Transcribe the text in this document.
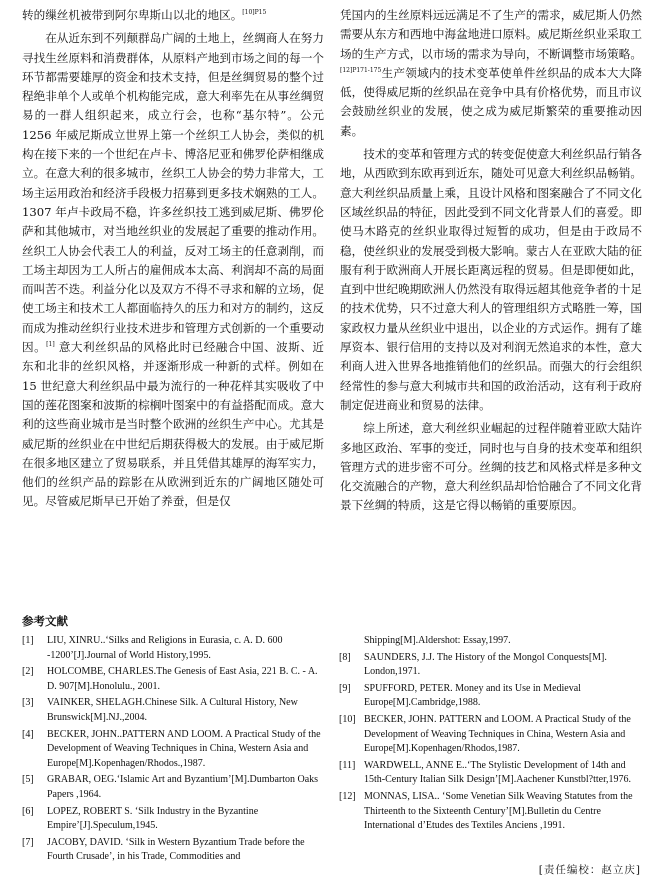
转的缫丝机被带到阿尔卑斯山以北的地区。$^{[10]P15}$

在从近东到不列颠群岛广阔的土地上，丝绸商人在努力寻找生丝原料和消费群体，从原料产地到市场之间的每一个环节都需要雄厚的资金和技术支持，但是丝绸贸易的整个过程绝非单个人或单个机构能完成，意大利率先在从事丝绸贸易的一群人组织起来，成立行会，也称“基尔特”。公元 1256 年威尼斯成立世界上第一个丝织工人协会，类似的机构在接下来的一个世纪在卢卡、博洛尼亚和佛罗伦萨相继成立。在意大利的很多城市，丝织工人协会的势力非常大，工场主运用政治和经济手段极力招募到更多技术娴熟的工人。1307 年卢卡政局不稳，许多丝织技工逃到威尼斯、佛罗伦萨和其他城市，对当地丝织业的发展起了重要的推动作用。丝织工人协会代表工人的利益，反对工场主的任意剥削，而工场主却因为工人所占的雇佣成本太高、利润却不高的局面而叫苦不迭。利益分化以及双方不得不寻求和解的立场，促使工场主和技术工人都面临持久的压力和对方的制约，这反而成为推动丝织行业技术进步和管理方式创新的一个重要动因。[1] 意大利丝织品的风格此时已经融合中国、波斯、近东和北非的丝织风格，并逐渐形成一种新的式样。例如在 15 世纪意大利丝织品中最为流行的一种花样其实吸收了中国的莲花图案和波斯的棕榈叶图案中的有益搭配而成。意大利的这些商业城市是当时整个欧洲的丝织生产中心。尤其是威尼斯的丝织业在中世纪后期获得极大的发展。由于威尼斯在很多地区建立了贸易联系，并且凭借其雄厚的海军实力，他们的丝织产品的踪影在从欧洲到近东的广阔地区随处可见。尽管威尼斯早已开始了养蚕，但是仅

凭国内的生丝原料远远满足不了生产的需求，威尼斯人仍然需要从东方和西地中海盆地进口原料。威尼斯丝织业采取工场的生产方式，以市场的需求为导向，不断调整市场策略。$^{[12]P171-175}$生产领域内的技术变革使单件丝织品的成本大大降低，使得威尼斯的丝织品在竞争中具有价格优势，而且市议会鼓励丝织业的发展，使之成为威尼斯繁荣的重要推动因素。

技术的变革和管理方式的转变促使意大利丝织品行销各地，从西欧到东欧再到近东，随处可见意大利丝织品畅销。意大利丝织品质量上乘，且设计风格和图案融合了不同文化区域丝织品的特征，因此受到不同文化背景人们的喜爱。即使马木路克的丝织业取得过短暂的成功，但是由于政局不稳，使丝织业的发展受到极大影响。蒙古人在亚欧大陆的征服有利于欧洲商人开展长距离远程的贸易。但是即便如此，直到中世纪晚期欧洲人仍然没有取得远超其他竞争者的十足的技术优势，只不过意大利人的管理组织方式略胜一筹，国家政权力量从丝织业中退出，以企业的方式运作。拥有了雄厚资本、银行信用的支持以及对利润无然追求的本性，意大利商人进入世界各地推销他们的丝织品。而强大的行会组织经常性的参与意大利城市共和国的政治活动，这有利于政府制定促进商业和贸易的法律。

综上所述，意大利丝织业崛起的过程伴随着亚欧大陆许多地区政治、军事的变迁，同时也与自身的技术变革和组织管理方式的进步密不可分。丝绸的技艺和风格式样是多种文化交流融合的产物，意大利丝织品却恰恰融合了不同文化背景下丝绸的特质，这是它得以畅销的重要原因。

参考文献
[1]	LIU, XINRU..‘Silks and Religions in Eurasia, c. A. D. 600 -1200’[J].Journal of World History,1995.
[2]	HOLCOMBE, CHARLES.The Genesis of East Asia, 221 B. C. - A. D. 907[M].Honolulu., 2001.
[3]	VAINKER, SHELAGH.Chinese Silk. A Cultural History, New Brunswick[M].NJ.,2004.
[4]	BECKER, JOHN..PATTERN AND LOOM. A Practical Study of the Development of Weaving Techniques in China, Western Asia and Europe[M].Kopenhagen/Rhodos.,1987.
[5]	GRABAR, OEG.‘Islamic Art and Byzantium’[M].Dumbarton Oaks Papers ,1964.
[6]	LOPEZ, ROBERT S. ‘Silk Industry in the Byzantine Empire’[J].Speculum,1945.
[7]	JACOBY, DAVID. ‘Silk in Western Byzantium Trade before the Fourth Crusade’, in his Trade, Commodities and
Shipping[M].Aldershot: Essay,1997.
[8]	SAUNDERS, J.J. The History of the Mongol Conquests[M]. London,1971.
[9]	SPUFFORD, PETER. Money and its Use in Medieval Europe[M].Cambridge,1988.
[10] BECKER, JOHN. PATTERN and LOOM. A Practical Study of the Development of Weaving Techniques in China, Western Asia and Europe[M].Kopenhagen/Rhodos,1987.
[11] WARDWELL, ANNE E..‘The Stylistic Development of 14th and 15th-Century Italian Silk Design’[M].Aachener Kunstbl?tter,1976.
[12] MONNAS, LISA.. ‘Some Venetian Silk Weaving Statutes from the Thirteenth to the Sixteenth Century’[M].Bulletin du Centre International d’Etudes des Textiles Anciens ,1991.
[责任编校：赵立庆]
